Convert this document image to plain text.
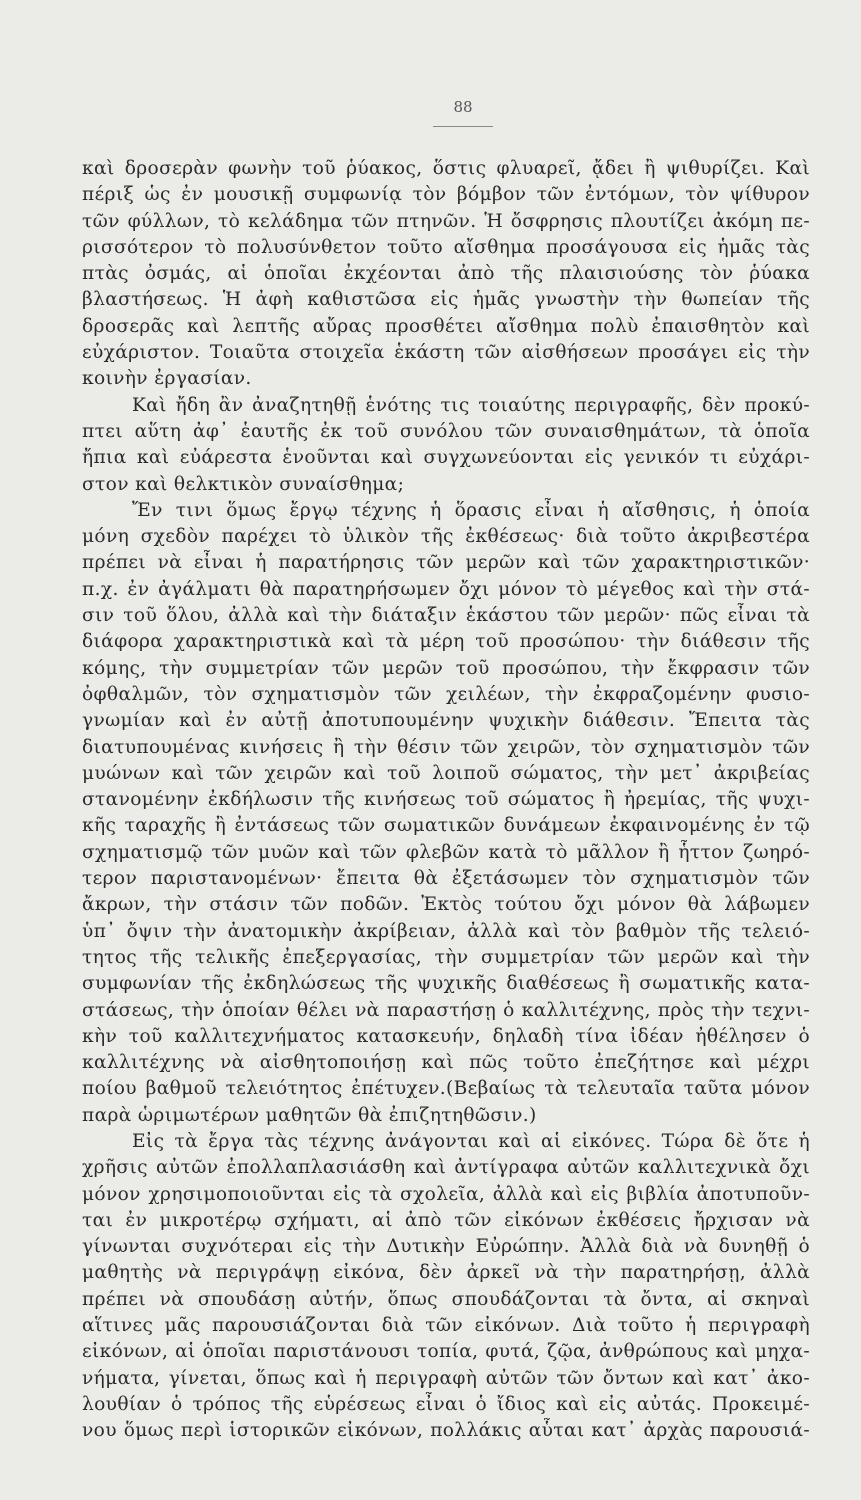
88
καὶ δροσερὰν φωνὴν τοῦ ῥύακος, ὅστις φλυαρεῖ, ᾄδει ἢ ψιθυρίζει. Καὶ
πέριξ ὡς ἐν μουσικῇ συμφωνίᾳ τὸν βόμβον τῶν ἐντόμων, τὸν ψίθυρον
τῶν φύλλων, τὸ κελάδημα τῶν πτηνῶν. Ἡ ὄσφρησις πλουτίζει ἀκόμη πε-
ρισσότερον τὸ πολυσύνθετον τοῦτο αἴσθημα προσάγουσα εἰς ἡμᾶς τὰς
πτὰς ὀσμάς, αἱ ὁποῖαι ἐκχέονται ἀπὸ τῆς πλαισιούσης τὸν ῥύακα
βλαστήσεως. Ἡ ἀφὴ καθιστῶσα εἰς ἡμᾶς γνωστὴν τὴν θωπείαν τῆς
δροσερᾶς καὶ λεπτῆς αὔρας προσθέτει αἴσθημα πολὺ ἐπαισθητὸν καὶ
εὐχάριστον. Τοιαῦτα στοιχεῖα ἑκάστη τῶν αἰσθήσεων προσάγει εἰς τὴν
κοινὴν ἐργασίαν.
Καὶ ἤδη ἂν ἀναζητηθῇ ἑνότης τις τοιαύτης περιγραφῆς, δὲν προκύ-
πτει αὕτη ἀφ᾽ ἑαυτῆς ἐκ τοῦ συνόλου τῶν συναισθημάτων, τὰ ὁποῖα
ἤπια καὶ εὐάρεστα ἑνοῦνται καὶ συγχωνεύονται εἰς γενικόν τι εὐχάρι-
στον καὶ θελκτικὸν συναίσθημα;
Ἔν τινι ὅμως ἔργῳ τέχνης ἡ ὅρασις εἶναι ἡ αἴσθησις, ἡ ὁποία
μόνη σχεδὸν παρέχει τὸ ὑλικὸν τῆς ἐκθέσεως· διὰ τοῦτο ἀκριβεστέρα
πρέπει νὰ εἶναι ἡ παρατήρησις τῶν μερῶν καὶ τῶν χαρακτηριστικῶν·
π.χ. ἐν ἀγάλματι θὰ παρατηρήσωμεν ὄχι μόνον τὸ μέγεθος καὶ τὴν στά-
σιν τοῦ ὅλου, ἀλλὰ καὶ τὴν διάταξιν ἑκάστου τῶν μερῶν· πῶς εἶναι τὰ
διάφορα χαρακτηριστικὰ καὶ τὰ μέρη τοῦ προσώπου· τὴν διάθεσιν τῆς
κόμης, τὴν συμμετρίαν τῶν μερῶν τοῦ προσώπου, τὴν ἔκφρασιν τῶν
ὀφθαλμῶν, τὸν σχηματισμὸν τῶν χειλέων, τὴν ἐκφραζομένην φυσιο-
γνωμίαν καὶ ἐν αὐτῇ ἀποτυπουμένην ψυχικὴν διάθεσιν. Ἔπειτα τὰς
διατυπουμένας κινήσεις ἢ τὴν θέσιν τῶν χειρῶν, τὸν σχηματισμὸν τῶν
μυώνων καὶ τῶν χειρῶν καὶ τοῦ λοιποῦ σώματος, τὴν μετ᾽ ἀκριβείας
στανομένην ἐκδήλωσιν τῆς κινήσεως τοῦ σώματος ἢ ἠρεμίας, τῆς ψυχι-
κῆς ταραχῆς ἢ ἐντάσεως τῶν σωματικῶν δυνάμεων ἐκφαινομένης ἐν τῷ
σχηματισμῷ τῶν μυῶν καὶ τῶν φλεβῶν κατὰ τὸ μᾶλλον ἢ ἧττον ζωηρό-
τερον παριστανομένων· ἔπειτα θὰ ἐξετάσωμεν τὸν σχηματισμὸν τῶν
ἄκρων, τὴν στάσιν τῶν ποδῶν. Ἐκτὸς τούτου ὄχι μόνον θὰ λάβωμεν
ὑπ᾽ ὄψιν τὴν ἀνατομικὴν ἀκρίβειαν, ἀλλὰ καὶ τὸν βαθμὸν τῆς τελειό-
τητος τῆς τελικῆς ἐπεξεργασίας, τὴν συμμετρίαν τῶν μερῶν καὶ τὴν
συμφωνίαν τῆς ἐκδηλώσεως τῆς ψυχικῆς διαθέσεως ἢ σωματικῆς κατα-
στάσεως, τὴν ὁποίαν θέλει νὰ παραστήσῃ ὁ καλλιτέχνης, πρὸς τὴν τεχνι-
κὴν τοῦ καλλιτεχνήματος κατασκευήν, δηλαδὴ τίνα ἰδέαν ἠθέλησεν ὁ
καλλιτέχνης νὰ αἰσθητοποιήσῃ καὶ πῶς τοῦτο ἐπεζήτησε καὶ μέχρι
ποίου βαθμοῦ τελειότητος ἐπέτυχεν.(Βεβαίως τὰ τελευταῖα ταῦτα μόνον
παρὰ ὡριμωτέρων μαθητῶν θὰ ἐπιζητηθῶσιν.)
Εἰς τὰ ἔργα τὰς τέχνης ἀνάγονται καὶ αἱ εἰκόνες. Τώρα δὲ ὅτε ἡ
χρῆσις αὐτῶν ἐπολλαπλασιάσθη καὶ ἀντίγραφα αὐτῶν καλλιτεχνικὰ ὄχι
μόνον χρησιμοποιοῦνται εἰς τὰ σχολεῖα, ἀλλὰ καὶ εἰς βιβλία ἀποτυποῦν-
ται ἐν μικροτέρῳ σχήματι, αἱ ἀπὸ τῶν εἰκόνων ἐκθέσεις ἤρχισαν νὰ
γίνωνται συχνότεραι εἰς τὴν Δυτικὴν Εὐρώπην. Ἀλλὰ διὰ νὰ δυνηθῇ ὁ
μαθητὴς νὰ περιγράψῃ εἰκόνα, δὲν ἀρκεῖ νὰ τὴν παρατηρήσῃ, ἀλλὰ
πρέπει νὰ σπουδάσῃ αὐτήν, ὅπως σπουδάζονται τὰ ὄντα, αἱ σκηναὶ
αἵτινες μᾶς παρουσιάζονται διὰ τῶν εἰκόνων. Διὰ τοῦτο ἡ περιγραφὴ
εἰκόνων, αἱ ὁποῖαι παριστάνουσι τοπία, φυτά, ζῷα, ἀνθρώπους καὶ μηχα-
νήματα, γίνεται, ὅπως καὶ ἡ περιγραφὴ αὐτῶν τῶν ὄντων καὶ κατ᾽ ἀκο-
λουθίαν ὁ τρόπος τῆς εὑρέσεως εἶναι ὁ ἴδιος καὶ εἰς αὐτάς. Προκειμέ-
νου ὅμως περὶ ἱστορικῶν εἰκόνων, πολλάκις αὗται κατ᾽ ἀρχὰς παρουσιά-
